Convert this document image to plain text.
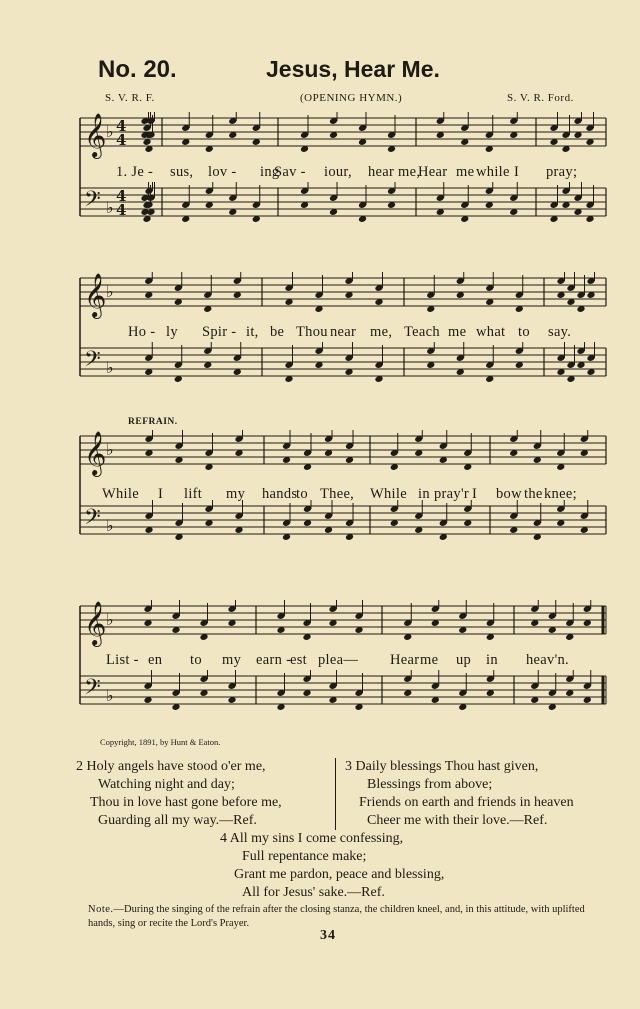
No. 20.	Jesus, Hear Me.
S. V. R. F.	(OPENING HYMN.)	S. V. R. Ford.
𝄞 ♭ 4
4
𝄢 ♭
4
4
1. Je - sus, lov - ing
Sav - iour, hear me,
Hear me while I pray;
𝄞 ♭
𝄢 ♭
Ho - ly Spir - it, be Thou near me, Teach me what to say.
REFRAIN.
𝄞 ♭
𝄢 ♭
While I lift my hands
to Thee, While in pray'r I bow the knee;
𝄞 ♭
𝄢 ♭
List - en to my earn -
est plea— Hear me up in heav'n.
Copyright, 1891, by Hunt & Eaton.
2 Holy angels have stood o'er me,
Watching night and day;
Thou in love hast gone before me,
Guarding all my way.—Ref.
3 Daily blessings Thou hast given,
Blessings from above;
Friends on earth and friends in heaven
Cheer me with their love.—Ref.
4 All my sins I come confessing,
Full repentance make;
Grant me pardon, peace and blessing,
All for Jesus' sake.—Ref.
Note.—During the singing of the refrain after the closing stanza, the children kneel, and, in this attitude, with uplifted hands, sing or recite the Lord's Prayer.
34
